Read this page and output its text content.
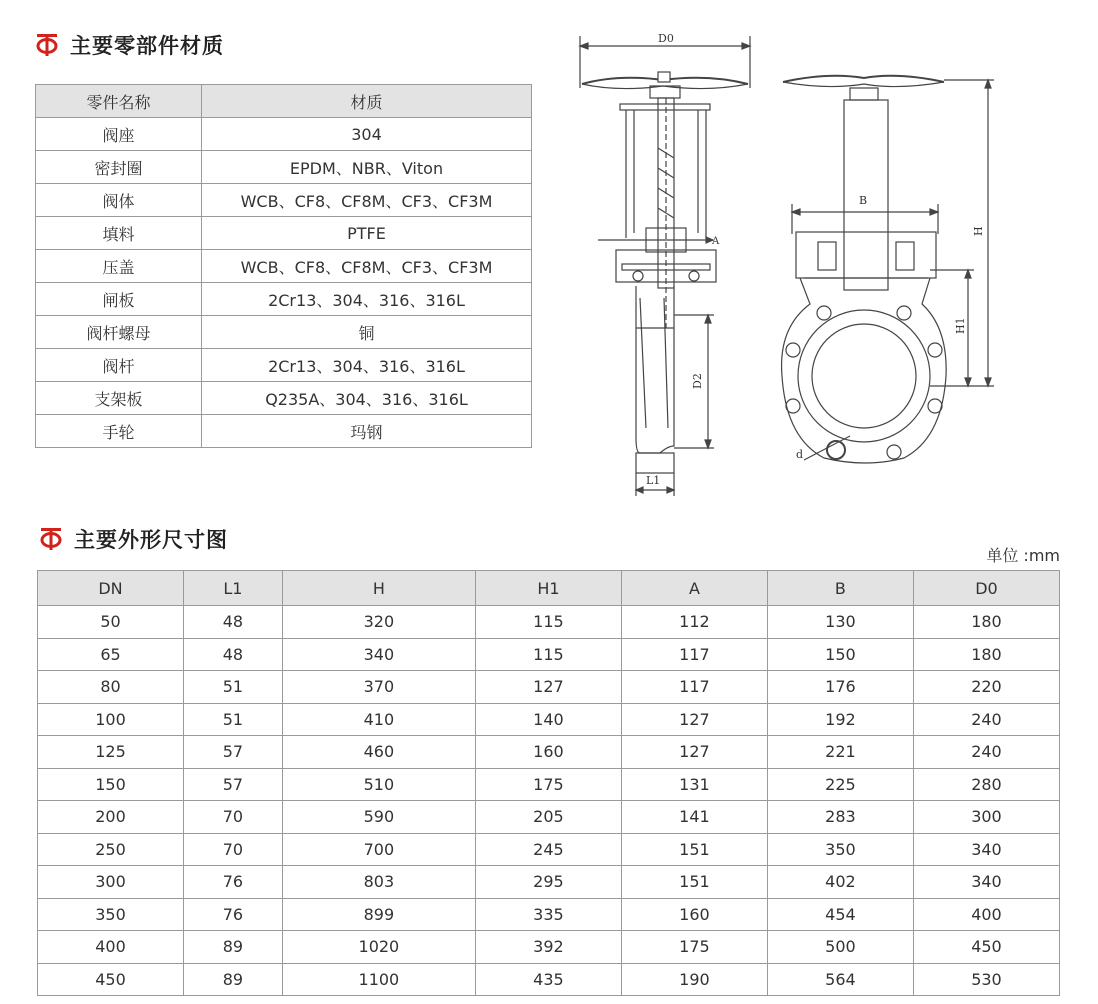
主要零部件材质
零件名称	材质
阀座	304
密封圈	EPDM、NBR、Viton
阀体	WCB、CF8、CF8M、CF3、CF3M
填料	PTFE
压盖	WCB、CF8、CF8M、CF3、CF3M
闸板	2Cr13、304、316、316L
阀杆螺母	铜
阀杆	2Cr13、304、316、316L
支架板	Q235A、304、316、316L
手轮	玛钢
D0
A
D2
L1
B
d
H
H1
主要外形尺寸图
单位 :mm
DN	L1	H	H1	A	B	D0
50	48	320	115	112	130	180
65	48	340	115	117	150	180
80	51	370	127	117	176	220
100	51	410	140	127	192	240
125	57	460	160	127	221	240
150	57	510	175	131	225	280
200	70	590	205	141	283	300
250	70	700	245	151	350	340
300	76	803	295	151	402	340
350	76	899	335	160	454	400
400	89	1020	392	175	500	450
450	89	1100	435	190	564	530
